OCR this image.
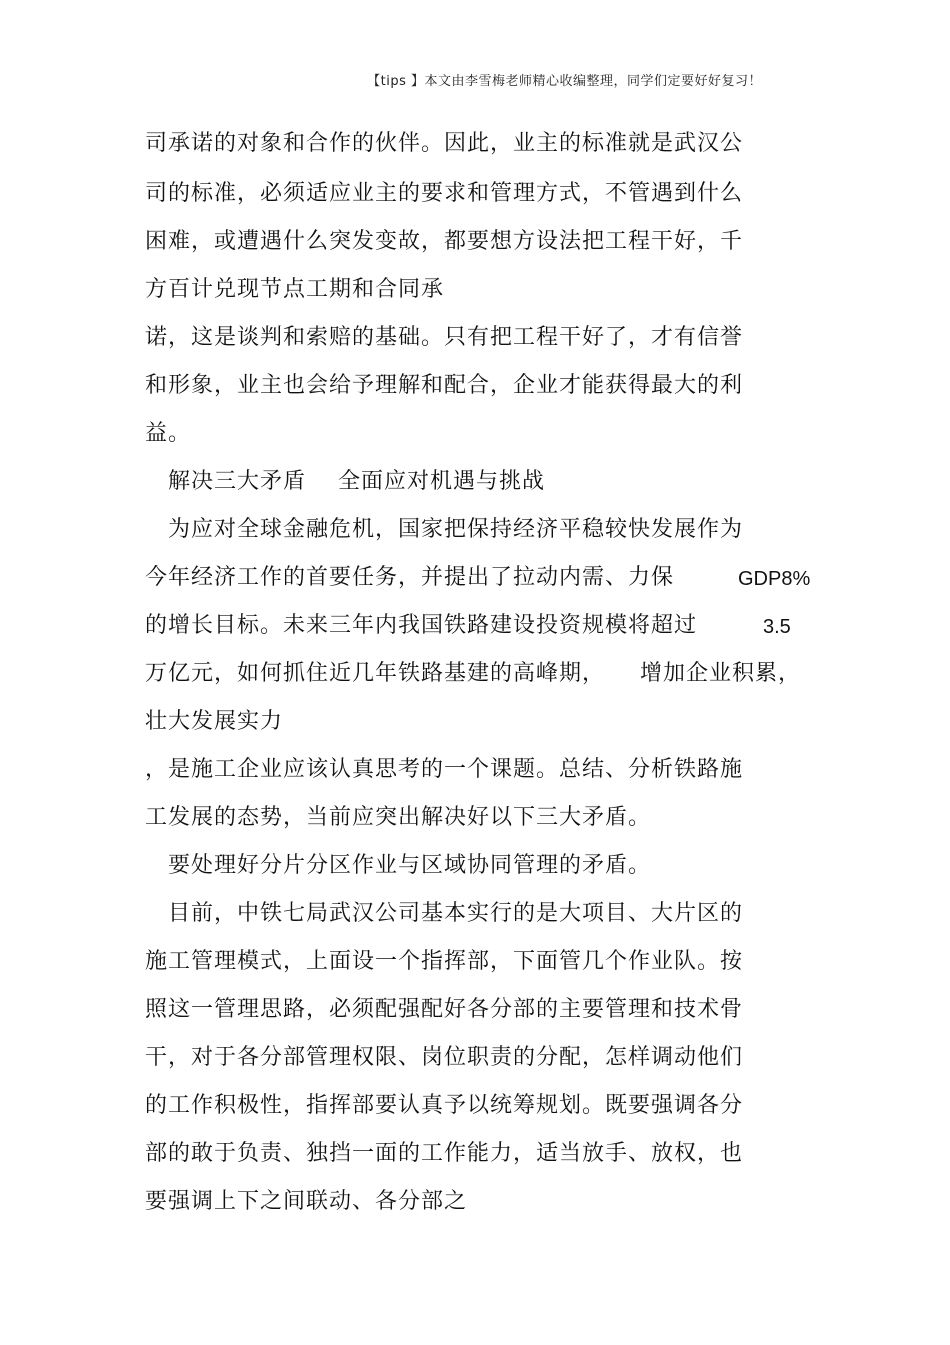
【tips 】本文由李雪梅老师精心收编整理，同学们定要好好复习！
司承诺的对象和合作的伙伴。因此，业主的标准就是武汉公
司的标准，必须适应业主的要求和管理方式，不管遇到什么
困难，或遭遇什么突发变故，都要想方设法把工程干好，千
方百计兑现节点工期和合同承
诺，这是谈判和索赔的基础。只有把工程干好了，才有信誉
和形象，业主也会给予理解和配合，企业才能获得最大的利
益。
解决三大矛盾 全面应对机遇与挑战
为应对全球金融危机，国家把保持经济平稳较快发展作为
今年经济工作的首要任务，并提出了拉动内需、力保	GDP8%
的增长目标。未来三年内我国铁路建设投资规模将超过	3.5
万亿元，如何抓住近几年铁路基建的高峰期， 增加企业积累，
壮大发展实力
，是施工企业应该认真思考的一个课题。总结、分析铁路施
工发展的态势，当前应突出解决好以下三大矛盾。
要处理好分片分区作业与区域协同管理的矛盾。
目前，中铁七局武汉公司基本实行的是大项目、大片区的
施工管理模式，上面设一个指挥部，下面管几个作业队。按
照这一管理思路，必须配强配好各分部的主要管理和技术骨
干，对于各分部管理权限、岗位职责的分配，怎样调动他们
的工作积极性，指挥部要认真予以统筹规划。既要强调各分
部的敢于负责、独挡一面的工作能力，适当放手、放权，也
要强调上下之间联动、各分部之
